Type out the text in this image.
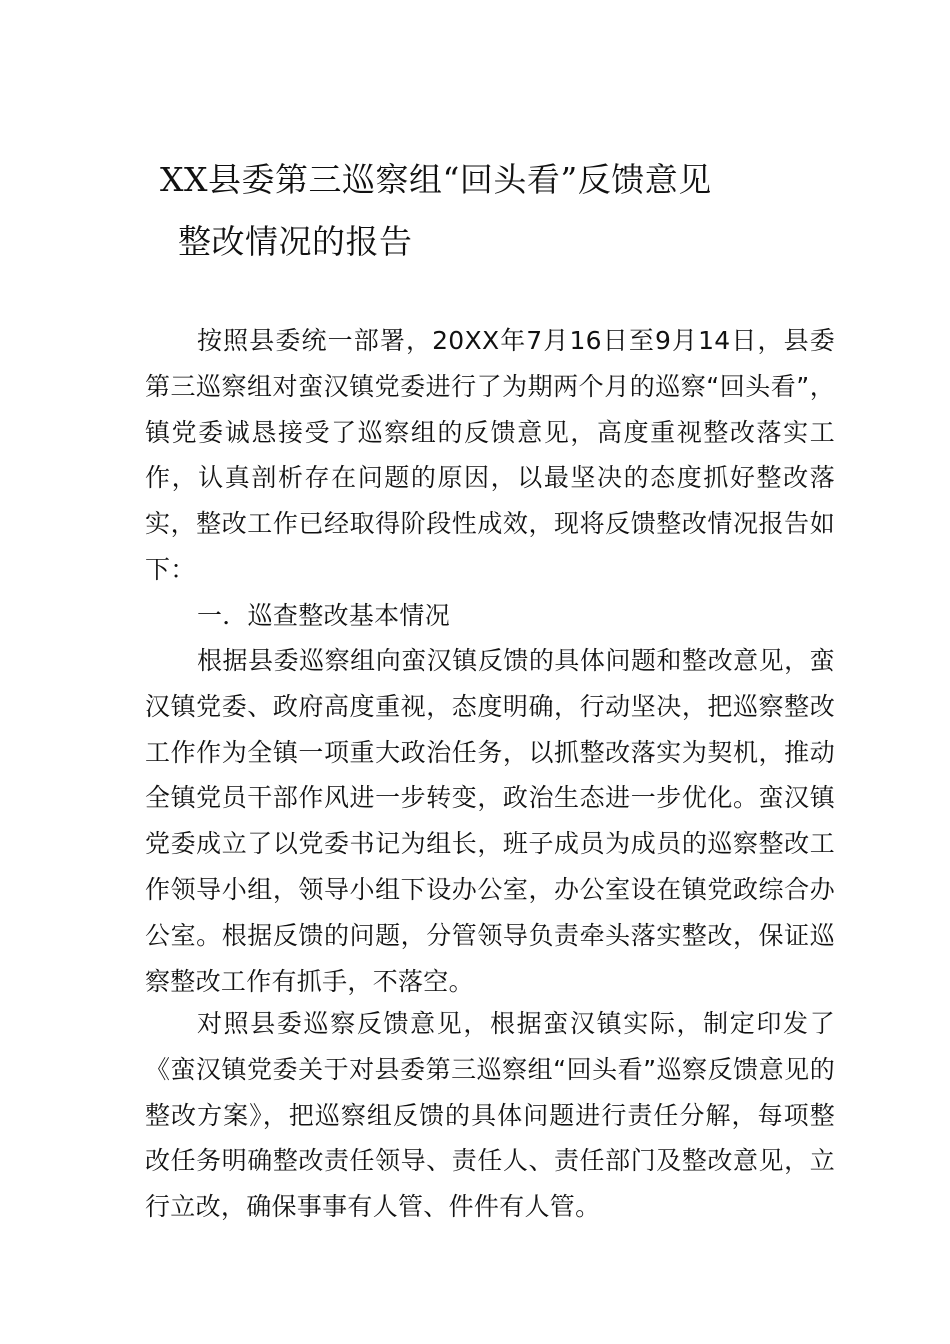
XX县委第三巡察组“回头看”反馈意见
整改情况的报告

按照县委统一部署，20XX年7月16日至9月14日，县委第三巡察组对蛮汉镇党委进行了为期两个月的巡察“回头看”，镇党委诚恳接受了巡察组的反馈意见，高度重视整改落实工作，认真剖析存在问题的原因，以最坚决的态度抓好整改落实，整改工作已经取得阶段性成效，现将反馈整改情况报告如下：

一．巡查整改基本情况

根据县委巡察组向蛮汉镇反馈的具体问题和整改意见，蛮汉镇党委、政府高度重视，态度明确，行动坚决，把巡察整改工作作为全镇一项重大政治任务，以抓整改落实为契机，推动全镇党员干部作风进一步转变，政治生态进一步优化。蛮汉镇党委成立了以党委书记为组长，班子成员为成员的巡察整改工作领导小组，领导小组下设办公室，办公室设在镇党政综合办公室。根据反馈的问题，分管领导负责牵头落实整改，保证巡察整改工作有抓手，不落空。

对照县委巡察反馈意见，根据蛮汉镇实际，制定印发了《蛮汉镇党委关于对县委第三巡察组“回头看”巡察反馈意见的整改方案》，把巡察组反馈的具体问题进行责任分解，每项整改任务明确整改责任领导、责任人、责任部门及整改意见，立行立改，确保事事有人管、件件有人管。
